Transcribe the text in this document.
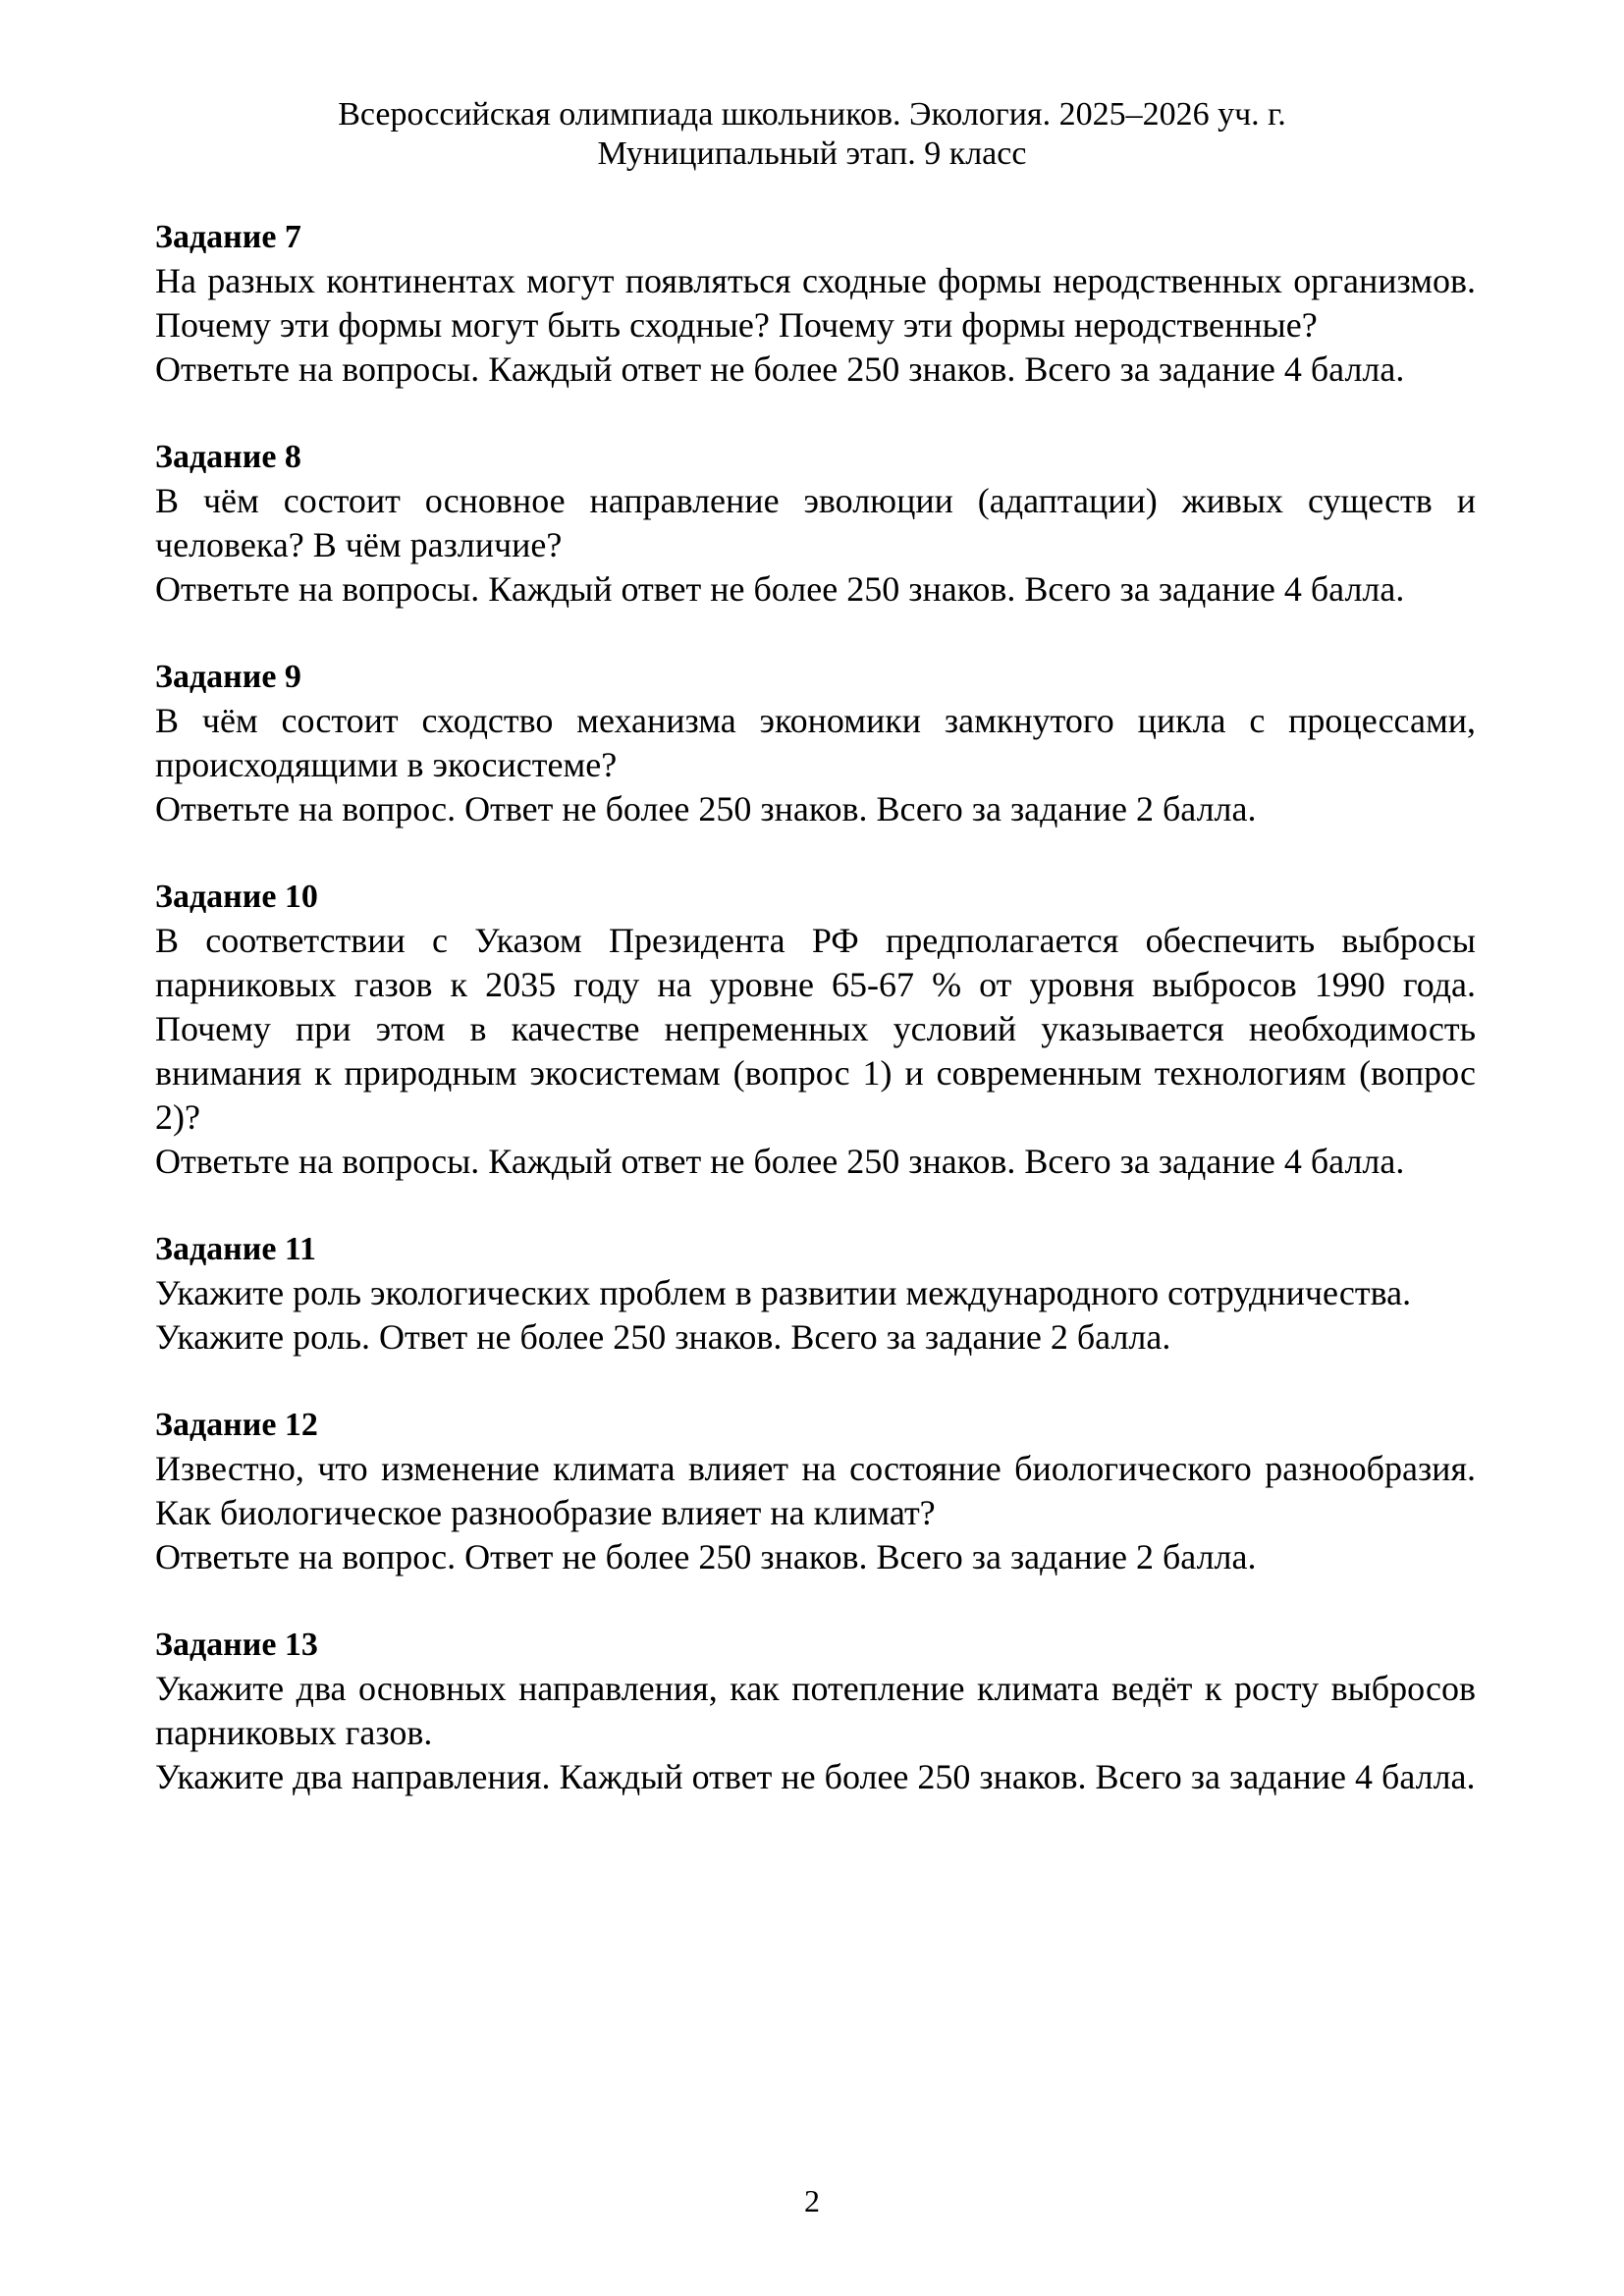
Всероссийская олимпиада школьников. Экология. 2025–2026 уч. г.
Муниципальный этап. 9 класс

Задание 7

На разных континентах могут появляться сходные формы неродственных организмов. Почему эти формы могут быть сходные? Почему эти формы неродственные?

Ответьте на вопросы. Каждый ответ не более 250 знаков. Всего за задание 4 балла.

Задание 8

В чём состоит основное направление эволюции (адаптации) живых существ и человека? В чём различие?

Ответьте на вопросы. Каждый ответ не более 250 знаков. Всего за задание 4 балла.

Задание 9

В чём состоит сходство механизма экономики замкнутого цикла с процессами, происходящими в экосистеме?

Ответьте на вопрос. Ответ не более 250 знаков. Всего за задание 2 балла.

Задание 10

В соответствии с Указом Президента РФ предполагается обеспечить выбросы парниковых газов к 2035 году на уровне 65-67 % от уровня выбросов 1990 года. Почему при этом в качестве непременных условий указывается необходимость внимания к природным экосистемам (вопрос 1) и современным технологиям (вопрос 2)?

Ответьте на вопросы. Каждый ответ не более 250 знаков. Всего за задание 4 балла.

Задание 11

Укажите роль экологических проблем в развитии международного сотрудничества.

Укажите роль. Ответ не более 250 знаков. Всего за задание 2 балла.

Задание 12

Известно, что изменение климата влияет на состояние биологического разнообразия. Как биологическое разнообразие влияет на климат?

Ответьте на вопрос. Ответ не более 250 знаков. Всего за задание 2 балла.

Задание 13

Укажите два основных направления, как потепление климата ведёт к росту выбросов парниковых газов.

Укажите два направления. Каждый ответ не более 250 знаков. Всего за задание 4 балла.

2
